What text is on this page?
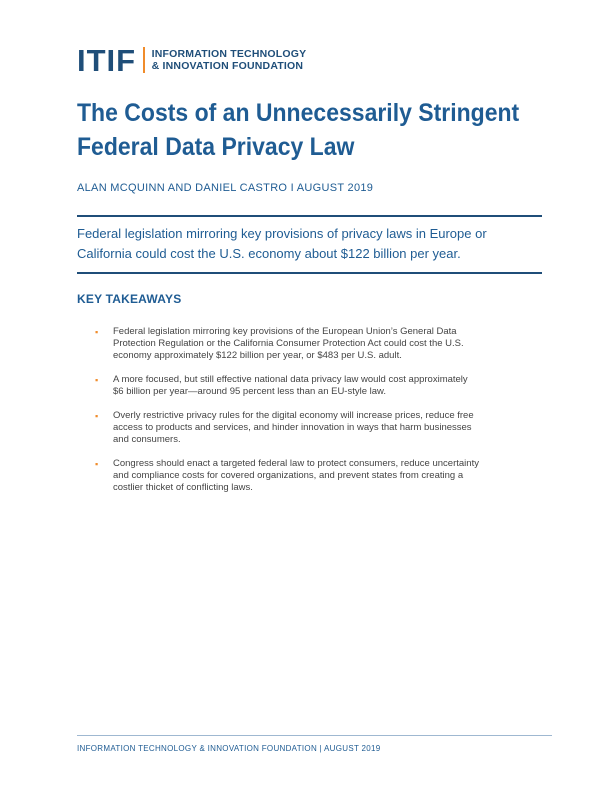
ITIF INFORMATION TECHNOLOGY
& INNOVATION FOUNDATION
The Costs of an Unnecessarily Stringent
Federal Data Privacy Law
ALAN MCQUINN AND DANIEL CASTRO I AUGUST 2019
Federal legislation mirroring key provisions of privacy laws in Europe or
California could cost the U.S. economy about $122 billion per year.
KEY TAKEAWAYS
▪ Federal legislation mirroring key provisions of the European Union’s General Data
Protection Regulation or the California Consumer Protection Act could cost the U.S.
economy approximately $122 billion per year, or $483 per U.S. adult.
▪ A more focused, but still effective national data privacy law would cost approximately
$6 billion per year—around 95 percent less than an EU-style law.
▪ Overly restrictive privacy rules for the digital economy will increase prices, reduce free
access to products and services, and hinder innovation in ways that harm businesses
and consumers.
▪ Congress should enact a targeted federal law to protect consumers, reduce uncertainty
and compliance costs for covered organizations, and prevent states from creating a
costlier thicket of conflicting laws.
INFORMATION TECHNOLOGY & INNOVATION FOUNDATION | AUGUST 2019
